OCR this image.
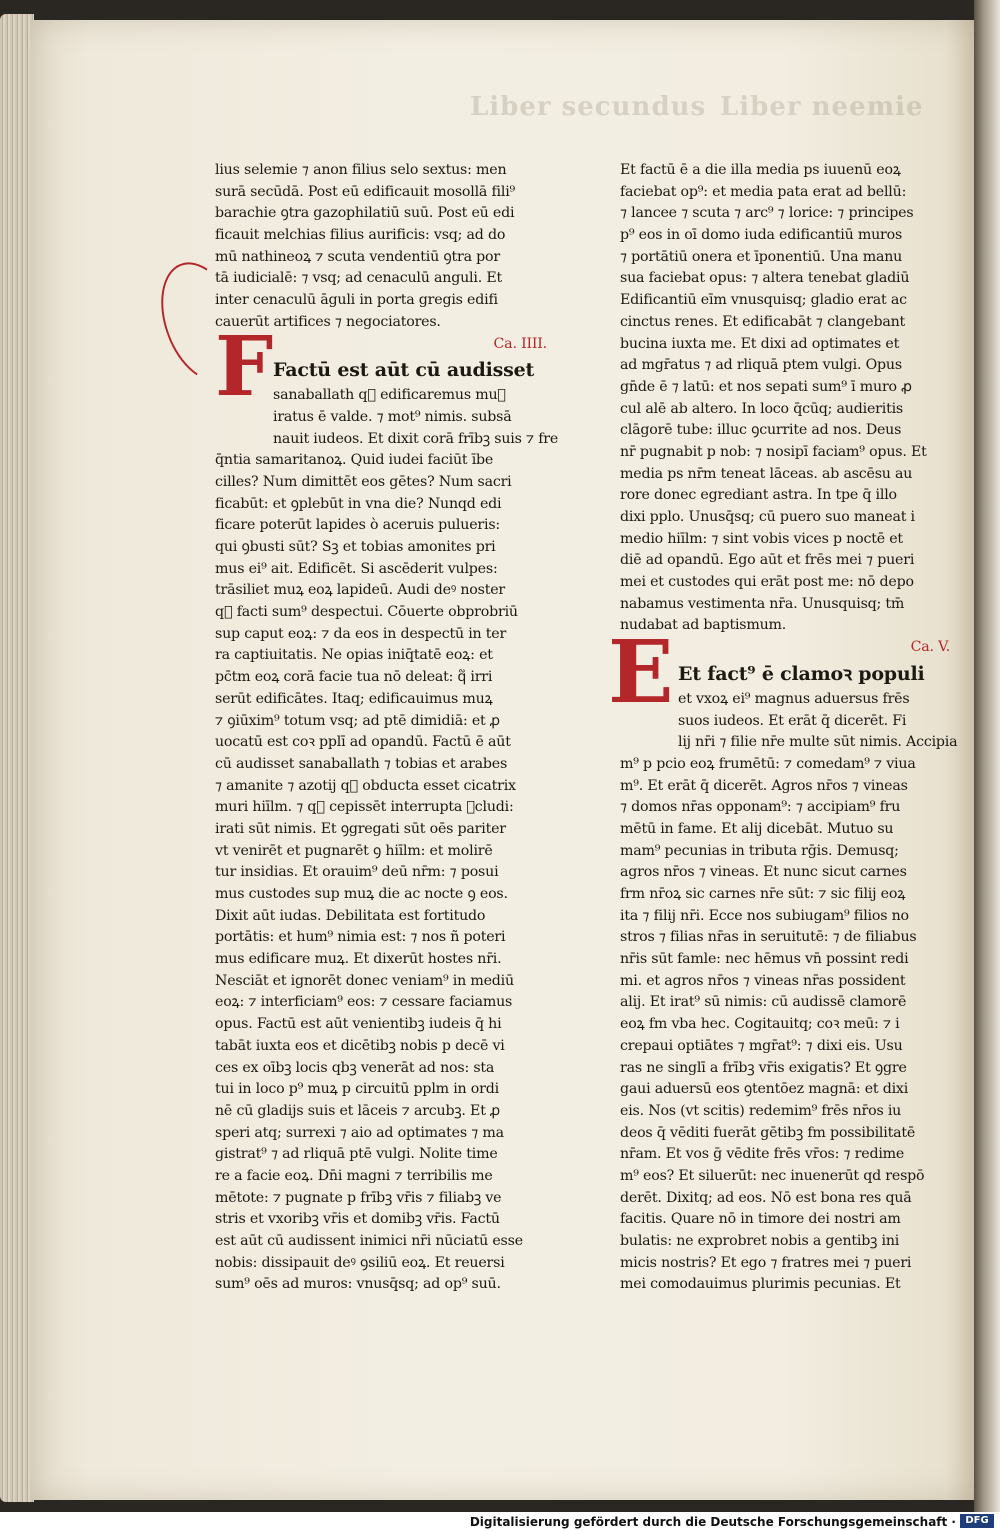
Liber secundus Liber neemie
lius selemie ⁊ anon filius selo sextus: men
surā secūdā. Post eū edificauit mosollā fili⁹
barachie ꝯtra gazophilatiū suū. Post eū edi
ficauit melchias filius aurificis: vsq; ad do
mū nathineoꝝ ⁊ scuta vendentiū ꝯtra por
tā iudicialē: ⁊ vsq; ad cenaculū anguli. Et
inter cenaculū āguli in porta gregis edifi
cauerūt artifices ⁊ negociatores.
Ca. IIII.
Factū est aūt cū audisset
sanaballath q᷑ edificaremus muꝝ
iratus ē valde. ⁊ mot⁹ nimis. subsā
nauit iudeos. Et dixit corā frībꝫ suis ⁊ fre
q̄ntia samaritanoꝝ. Quid iudei faciūt ībe
cilles? Num dimittēt eos gētes? Num sacri
ficabūt: et ꝯplebūt in vna die? Nunqd edi
ficare poterūt lapides ò aceruis pulueris:
qui ꝯbusti sūt? Sꝫ et tobias amonites pri
mus ei⁹ ait. Edificēt. Si ascēderit vulpes:
trāsiliet muꝝ eoꝝ lapideū. Audi deꝰ noster
q᷑ facti sum⁹ despectui. Cōuerte obprobriū
sup caput eoꝝ: ⁊ da eos in despectū in ter
ra captiuitatis. Ne opias iniq̄tatē eoꝝ: et
pc̄tm eoꝝ corā facie tua nō deleat: q᷑ irri
serūt edificātes. Itaq; edificauimus muꝝ
⁊ ꝯiūxim⁹ totum vsq; ad ptē dimidiā: et ꝓ
uocatū est coꝛ pplī ad opandū. Factū ē aūt
cū audisset sanaballath ⁊ tobias et arabes
⁊ amanite ⁊ azotij q᷑ obducta esset cicatrix
muri hiīlm. ⁊ q᷑ cepissēt interrupta ꝯcludi:
irati sūt nimis. Et ꝯgregati sūt oēs pariter
vt venirēt et pugnarēt ꝯ hiīlm: et molirē
tur insidias. Et orauim⁹ deū nr̄m: ⁊ posui
mus custodes sup muꝝ die ac nocte ꝯ eos.
Dixit aūt iudas. Debilitata est fortitudo
portātis: et hum⁹ nimia est: ⁊ nos ñ poteri
mus edificare muꝝ. Et dixerūt hostes nr̄i.
Nesciāt et ignorēt donec veniam⁹ in mediū
eoꝝ: ⁊ interficiam⁹ eos: ⁊ cessare faciamus
opus. Factū est aūt venientibꝫ iudeis q̄ hi
tabāt iuxta eos et dicētibꝫ nobis p decē vi
ces ex oībꝫ locis qbꝫ venerāt ad nos: sta
tui in loco p⁹ muꝝ p circuitū pplm in ordi
nē cū gladijs suis et lāceis ⁊ arcubꝫ. Et ꝓ
speri atq; surrexi ⁊ aio ad optimates ⁊ ma
gistrat⁹ ⁊ ad rliquā ptē vulgi. Nolite time
re a facie eoꝝ. Dn̄i magni ⁊ terribilis me
mētote: ⁊ pugnate p frībꝫ vr̄is ⁊ filiabꝫ ve
stris et vxoribꝫ vr̄is et domibꝫ vr̄is. Factū
est aūt cū audissent inimici nr̄i nūciatū esse
nobis: dissipauit deꝰ ꝯsiliū eoꝝ. Et reuersi
sum⁹ oēs ad muros: vnusq̄sq; ad op⁹ suū.
F
Et factū ē a die illa media ps iuuenū eoꝝ
faciebat op⁹: et media pata erat ad bellū:
⁊ lancee ⁊ scuta ⁊ arc⁹ ⁊ lorice: ⁊ principes
p⁹ eos in oī domo iuda edificantiū muros
⁊ portātiū onera et īponentiū. Una manu
sua faciebat opus: ⁊ altera tenebat gladiū
Edificantiū eīm vnusquisq; gladio erat ac
cinctus renes. Et edificabāt ⁊ clangebant
bucina iuxta me. Et dixi ad optimates et
ad mgr̄atus ⁊ ad rliquā ptem vulgi. Opus
gn̄de ē ⁊ latū: et nos sepati sum⁹ ī muro ꝓ
cul alē ab altero. In loco q̄cūq; audieritis
clāgorē tube: illuc ꝯcurrite ad nos. Deus
nr̄ pugnabit p nob: ⁊ nosipī faciam⁹ opus. Et
media ps nr̄m teneat lāceas. ab ascēsu au
rore donec egrediant astra. In tpe q̄ illo
dixi pplo. Unusq̄sq; cū puero suo maneat i
medio hiīlm: ⁊ sint vobis vices p noctē et
diē ad opandū. Ego aūt et frēs mei ⁊ pueri
mei et custodes qui erāt post me: nō depo
nabamus vestimenta nr̄a. Unusquisq; tm̄
nudabat ad baptismum.
Ca. V.
Et fact⁹ ē clamoꝛ populi
et vxoꝝ ei⁹ magnus aduersus frēs
suos iudeos. Et erāt q̄ dicerēt. Fi
lij nr̄i ⁊ filie nr̄e multe sūt nimis. Accipia
m⁹ p pcio eoꝝ frumētū: ⁊ comedam⁹ ⁊ viua
m⁹. Et erāt q̄ dicerēt. Agros nr̄os ⁊ vineas
⁊ domos nr̄as opponam⁹: ⁊ accipiam⁹ fru
mētū in fame. Et alij dicebāt. Mutuo su
mam⁹ pecunias in tributa rḡis. Demusq;
agros nr̄os ⁊ vineas. Et nunc sicut carnes
frm nr̄oꝝ sic carnes nr̄e sūt: ⁊ sic filij eoꝝ
ita ⁊ filij nr̄i. Ecce nos subiugam⁹ filios no
stros ⁊ filias nr̄as in seruitutē: ⁊ de filiabus
nr̄is sūt famle: nec hēmus vn̄ possint redi
mi. et agros nr̄os ⁊ vineas nr̄as possident
alij. Et irat⁹ sū nimis: cū audissē clamorē
eoꝝ fm vba hec. Cogitauitq; coꝛ meū: ⁊ i
crepaui optiātes ⁊ mgr̄at⁹: ⁊ dixi eis. Usu
ras ne singlī a frībꝫ vr̄is exigatis? Et ꝯgre
gaui aduersū eos ꝯtentōez magnā: et dixi
eis. Nos (vt scitis) redemim⁹ frēs nr̄os iu
deos q̄ vēditi fuerāt gētibꝫ fm possibilitatē
nr̄am. Et vos ḡ vēdite frēs vr̄os: ⁊ redime
m⁹ eos? Et siluerūt: nec inuenerūt qd respō
derēt. Dixitq; ad eos. Nō est bona res quā
facitis. Quare nō in timore dei nostri am
bulatis: ne exprobret nobis a gentibꝫ ini
micis nostris? Et ego ⁊ fratres mei ⁊ pueri
mei comodauimus plurimis pecunias. Et
E
Digitalisierung gefördert durch die Deutsche Forschungsgemeinschaft · DFG
